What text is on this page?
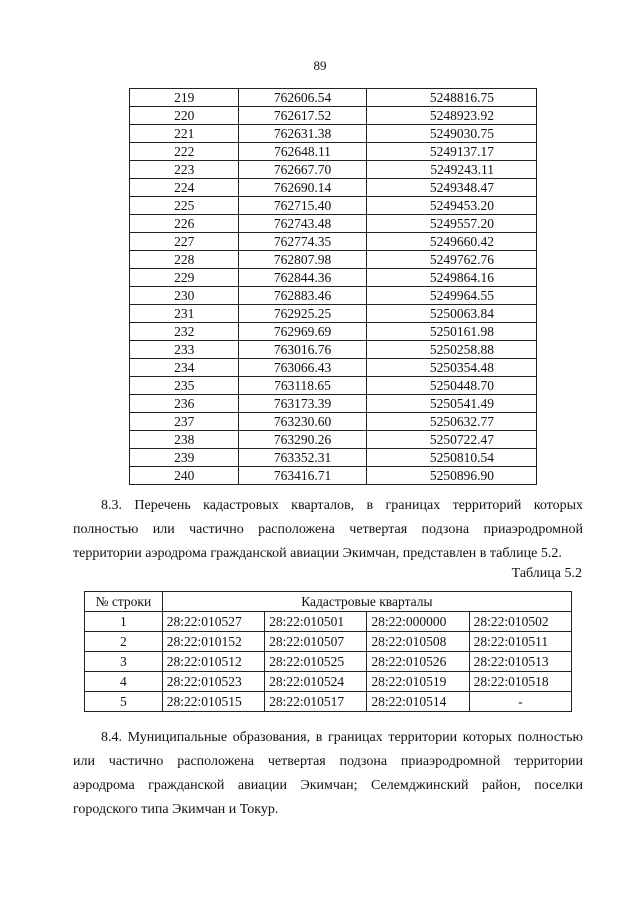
89
219	762606.54	5248816.75
220	762617.52	5248923.92
221	762631.38	5249030.75
222	762648.11	5249137.17
223	762667.70	5249243.11
224	762690.14	5249348.47
225	762715.40	5249453.20
226	762743.48	5249557.20
227	762774.35	5249660.42
228	762807.98	5249762.76
229	762844.36	5249864.16
230	762883.46	5249964.55
231	762925.25	5250063.84
232	762969.69	5250161.98
233	763016.76	5250258.88
234	763066.43	5250354.48
235	763118.65	5250448.70
236	763173.39	5250541.49
237	763230.60	5250632.77
238	763290.26	5250722.47
239	763352.31	5250810.54
240	763416.71	5250896.90
8.3. Перечень кадастровых кварталов, в границах территорий которых полностью или частично расположена четвертая подзона приаэродромной территории аэродрома гражданской авиации Экимчан, представлен в таблице 5.2.
Таблица 5.2
№ строки	Кадастровые кварталы			
1	28:22:010527	28:22:010501	28:22:000000	28:22:010502
2	28:22:010152	28:22:010507	28:22:010508	28:22:010511
3	28:22:010512	28:22:010525	28:22:010526	28:22:010513
4	28:22:010523	28:22:010524	28:22:010519	28:22:010518
5	28:22:010515	28:22:010517	28:22:010514	-
8.4. Муниципальные образования, в границах территории которых полностью или частично расположена четвертая подзона приаэродромной территории аэродрома гражданской авиации Экимчан; Селемджинский район, поселки городского типа Экимчан и Токур.
